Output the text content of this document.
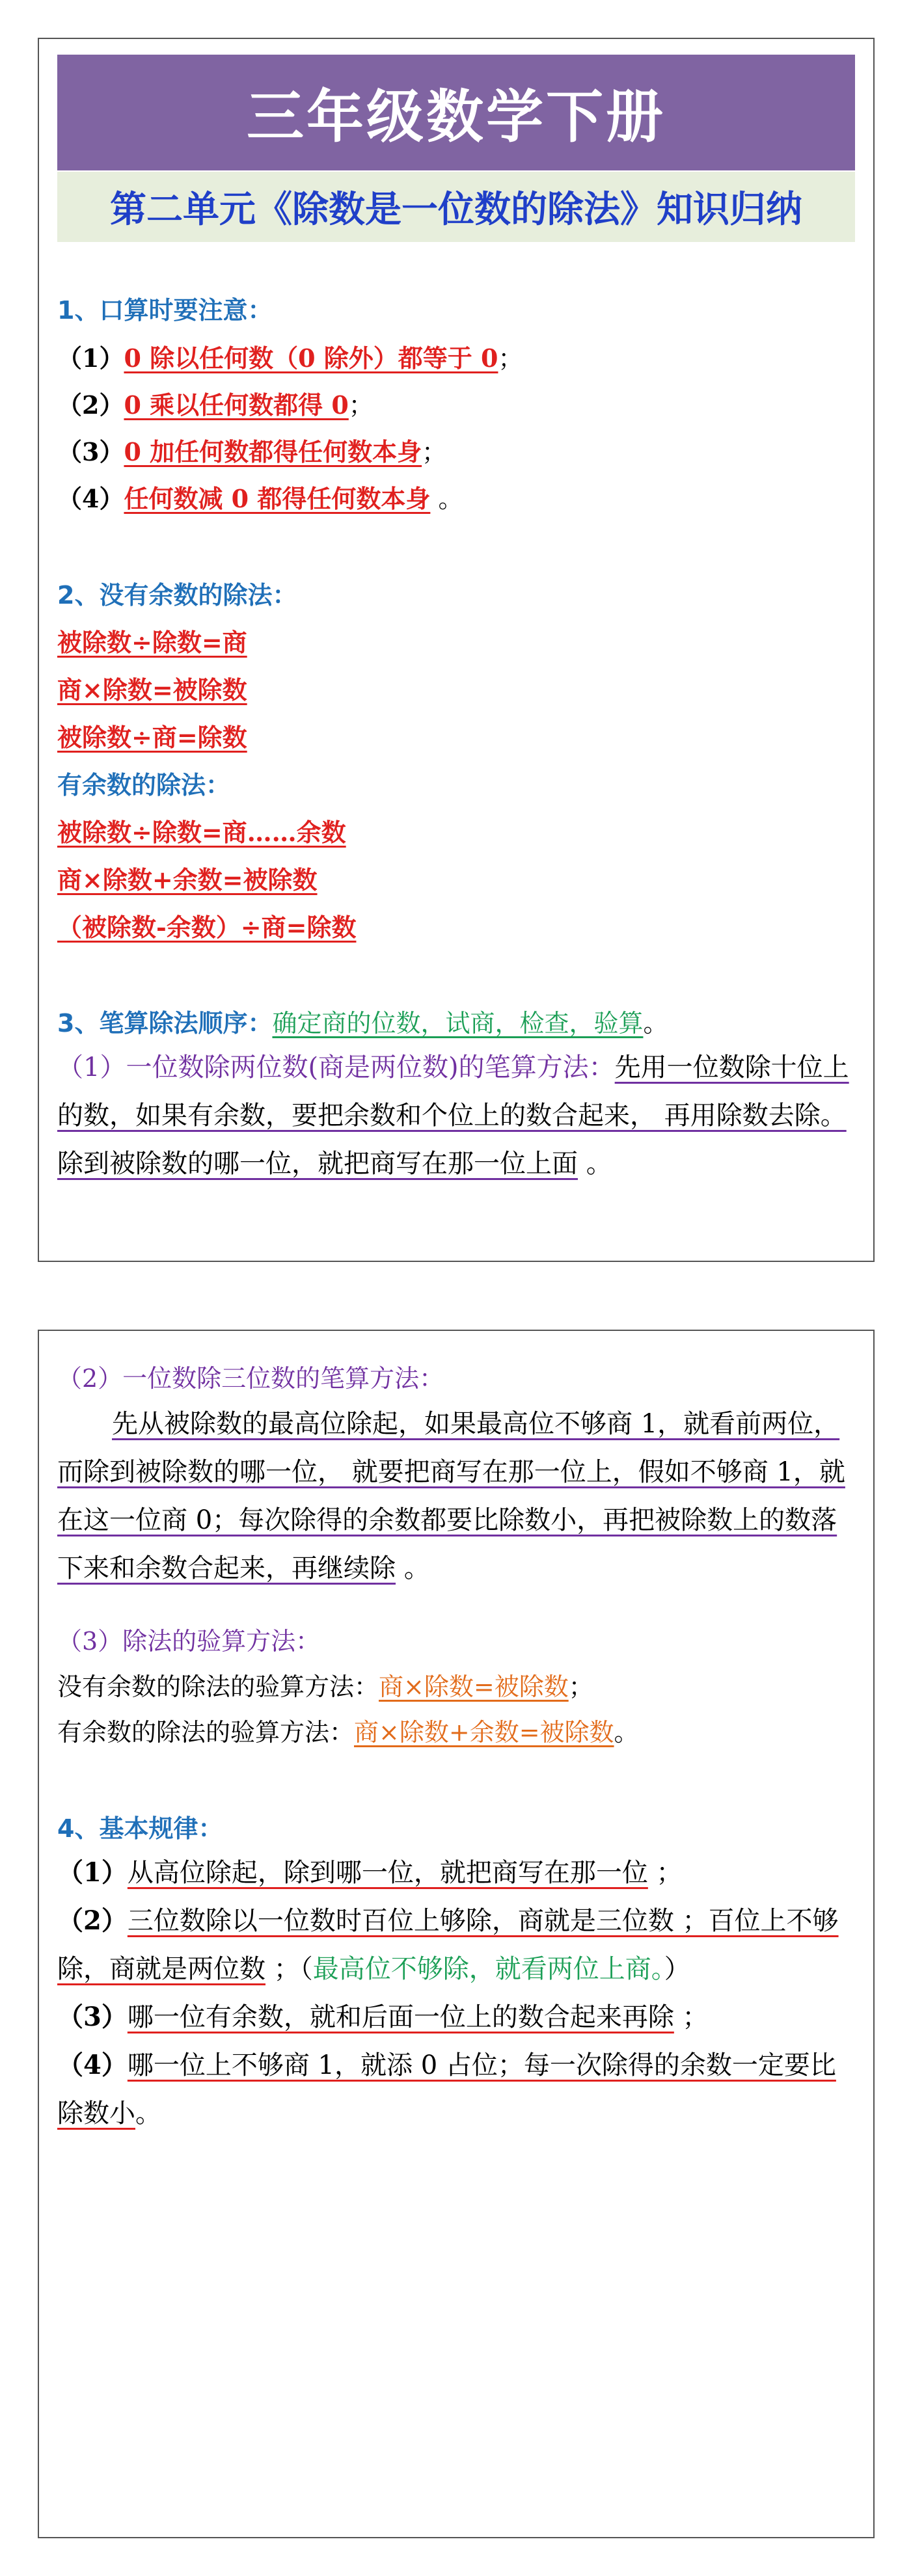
三年级数学下册
第二单元《除数是一位数的除法》知识归纳
1、口算时要注意：
（1）0 除以任何数（0 除外）都等于 0；
（2）0 乘以任何数都得 0；
（3）0 加任何数都得任何数本身；
（4）任何数减 0 都得任何数本身 。
2、没有余数的除法：
被除数÷除数=商
商×除数=被除数
被除数÷商=除数
有余数的除法：
被除数÷除数=商……余数
商×除数+余数=被除数
（被除数-余数）÷商=除数
3、笔算除法顺序：确定商的位数，试商，检查，验算。
（1）一位数除两位数(商是两位数)的笔算方法：先用一位数除十位上的数，如果有余数，要把余数和个位上的数合起来， 再用除数去除。除到被除数的哪一位，就把商写在那一位上面 。
（2）一位数除三位数的笔算方法：
先从被除数的最高位除起，如果最高位不够商 1，就看前两位，而除到被除数的哪一位， 就要把商写在那一位上，假如不够商 1，就在这一位商 0；每次除得的余数都要比除数小，再把被除数上的数落下来和余数合起来，再继续除 。
（3）除法的验算方法：
没有余数的除法的验算方法：商×除数=被除数；
有余数的除法的验算方法：商×除数+余数=被除数。
4、基本规律：
（1）从高位除起，除到哪一位，就把商写在那一位 ；
（2）三位数除以一位数时百位上够除，商就是三位数 ；百位上不够除，商就是两位数 ；（最高位不够除，就看两位上商。）
（3）哪一位有余数，就和后面一位上的数合起来再除 ；
（4）哪一位上不够商 1，就添 0 占位；每一次除得的余数一定要比除数小。
